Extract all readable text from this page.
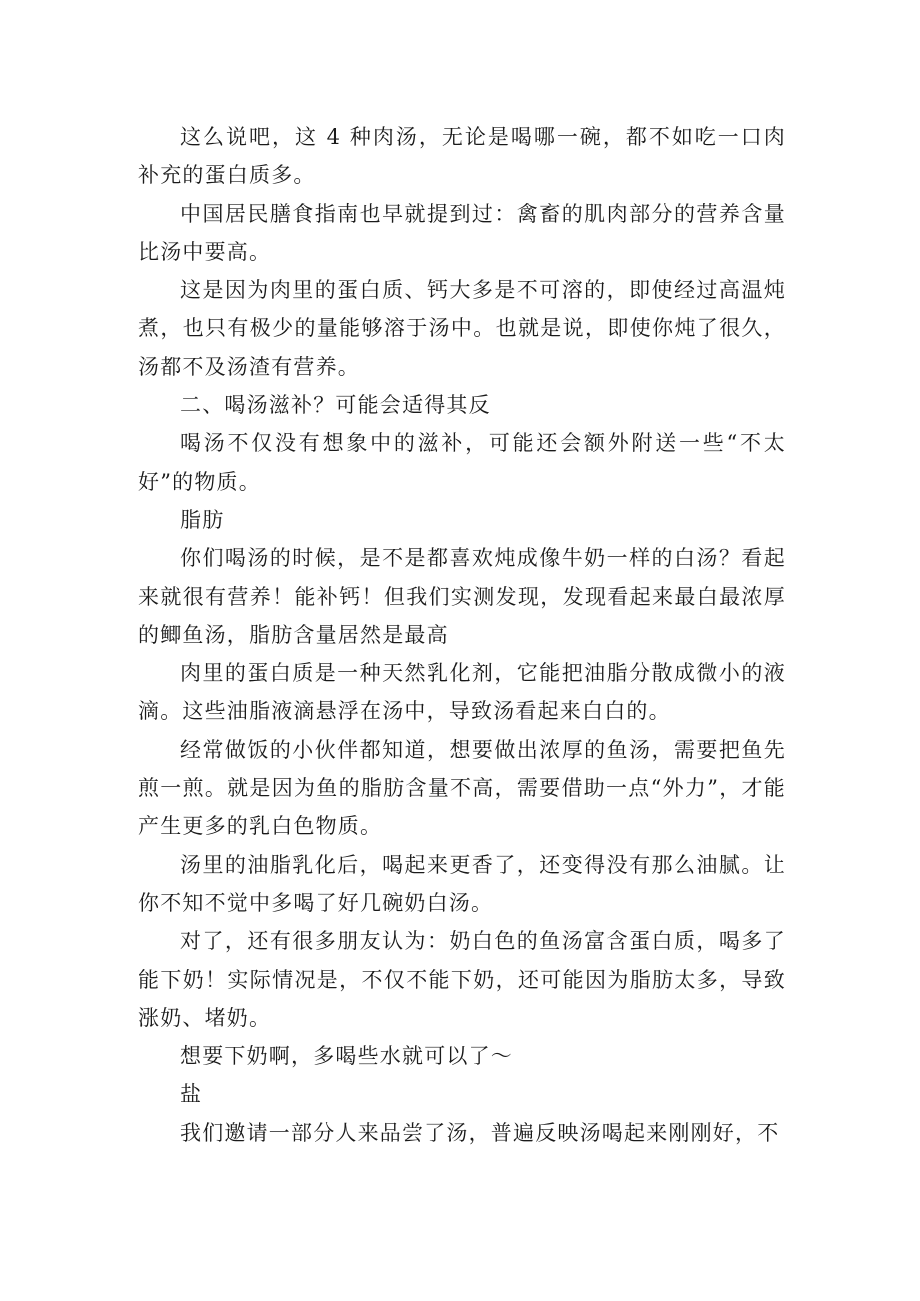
这么说吧，这 4 种肉汤，无论是喝哪一碗，都不如吃一口肉补充的蛋白质多。

中国居民膳食指南也早就提到过：禽畜的肌肉部分的营养含量比汤中要高。

这是因为肉里的蛋白质、钙大多是不可溶的，即使经过高温炖煮，也只有极少的量能够溶于汤中。也就是说，即使你炖了很久，汤都不及汤渣有营养。

二、喝汤滋补？可能会适得其反

喝汤不仅没有想象中的滋补，可能还会额外附送一些“不太好”的物质。

脂肪

你们喝汤的时候，是不是都喜欢炖成像牛奶一样的白汤？看起来就很有营养！能补钙！但我们实测发现，发现看起来最白最浓厚的鲫鱼汤，脂肪含量居然是最高

肉里的蛋白质是一种天然乳化剂，它能把油脂分散成微小的液滴。这些油脂液滴悬浮在汤中，导致汤看起来白白的。

经常做饭的小伙伴都知道，想要做出浓厚的鱼汤，需要把鱼先煎一煎。就是因为鱼的脂肪含量不高，需要借助一点“外力”，才能产生更多的乳白色物质。

汤里的油脂乳化后，喝起来更香了，还变得没有那么油腻。让你不知不觉中多喝了好几碗奶白汤。

对了，还有很多朋友认为：奶白色的鱼汤富含蛋白质，喝多了能下奶！实际情况是，不仅不能下奶，还可能因为脂肪太多，导致涨奶、堵奶。

想要下奶啊，多喝些水就可以了～

盐

我们邀请一部分人来品尝了汤，普遍反映汤喝起来刚刚好，不
